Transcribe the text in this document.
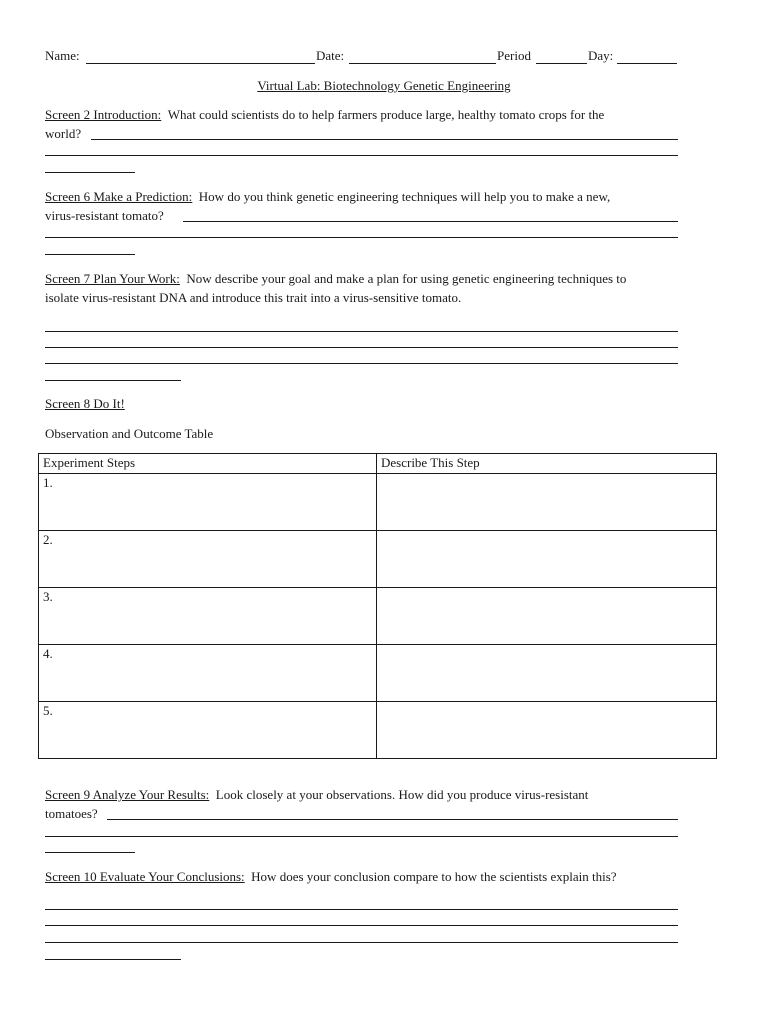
Name:	Date:	Period	Day:
Virtual Lab: Biotechnology Genetic Engineering
Screen 2 Introduction: What could scientists do to help farmers produce large, healthy tomato crops for the
world?
Screen 6 Make a Prediction: How do you think genetic engineering techniques will help you to make a new,
virus-resistant tomato?
Screen 7 Plan Your Work: Now describe your goal and make a plan for using genetic engineering techniques to
isolate virus-resistant DNA and introduce this trait into a virus-sensitive tomato.
Screen 8 Do It!
Observation and Outcome Table
Experiment Steps	Describe This Step
1.	
2.	
3.	
4.	
5.	
Screen 9 Analyze Your Results: Look closely at your observations. How did you produce virus-resistant
tomatoes?
Screen 10 Evaluate Your Conclusions: How does your conclusion compare to how the scientists explain this?
